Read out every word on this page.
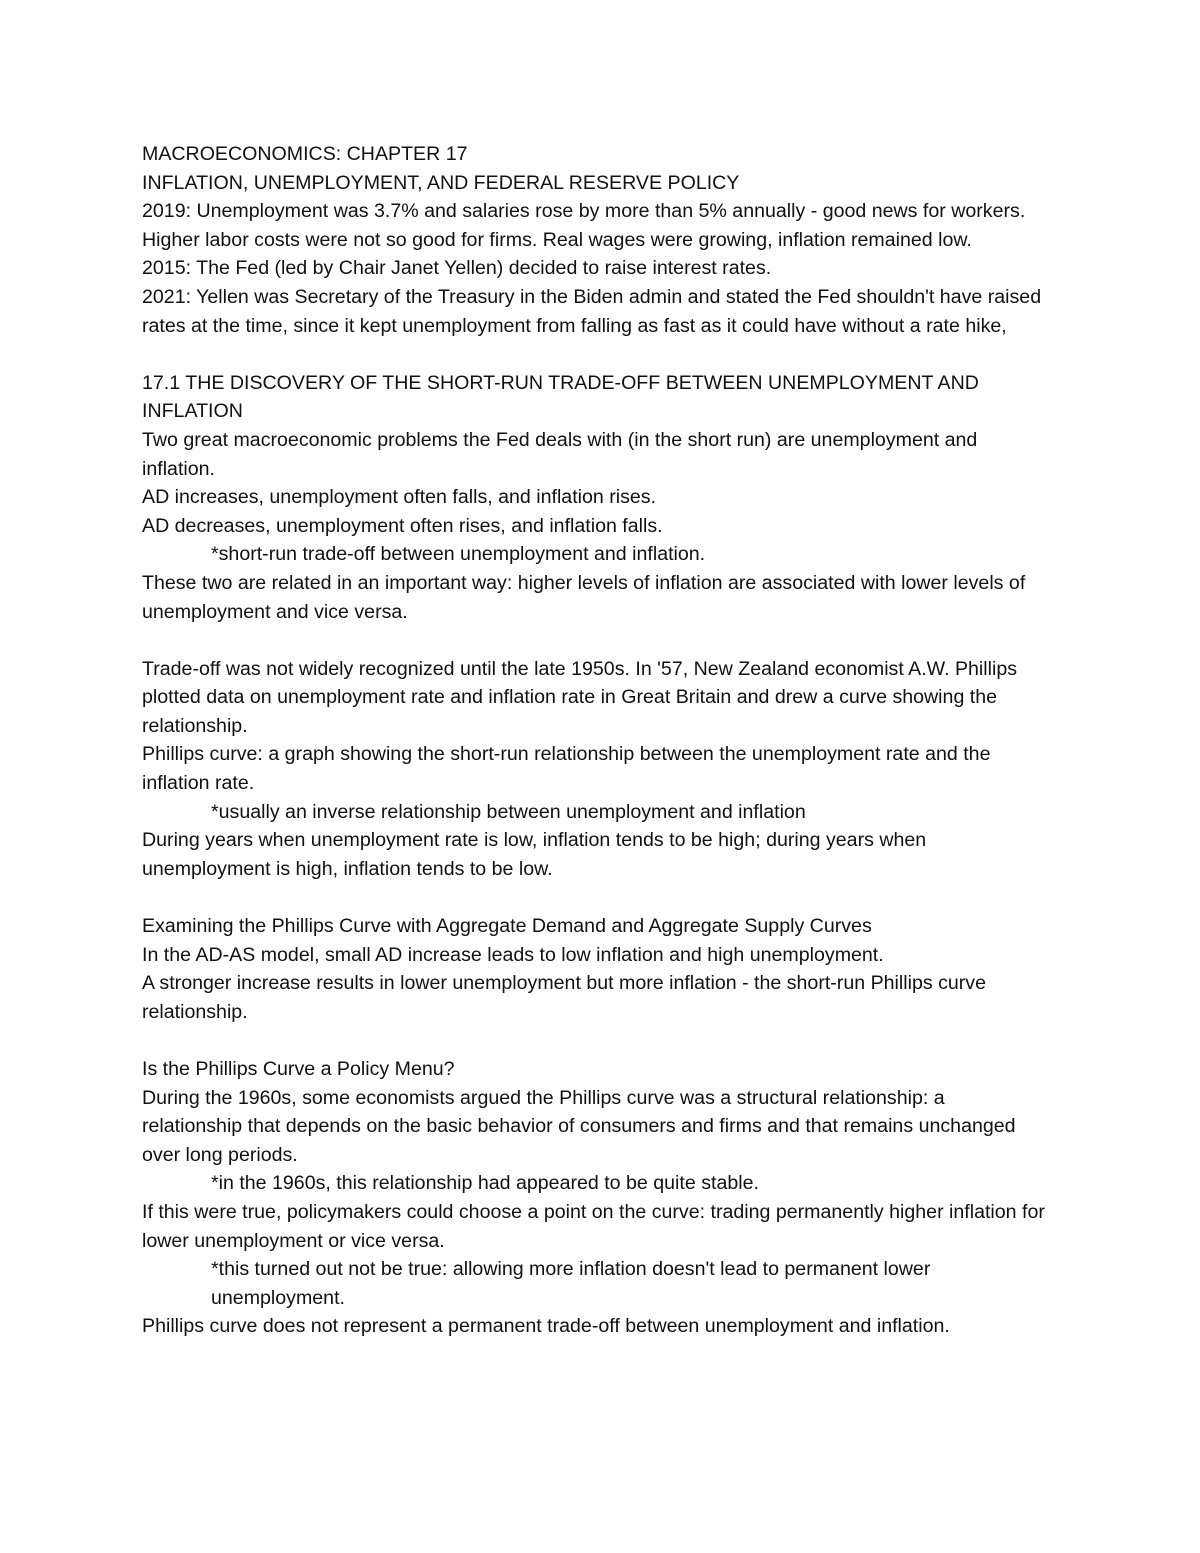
MACROECONOMICS: CHAPTER 17

INFLATION, UNEMPLOYMENT, AND FEDERAL RESERVE POLICY

2019: Unemployment was 3.7% and salaries rose by more than 5% annually - good news for workers. Higher labor costs were not so good for firms. Real wages were growing, inflation remained low.

2015: The Fed (led by Chair Janet Yellen) decided to raise interest rates.

2021: Yellen was Secretary of the Treasury in the Biden admin and stated the Fed shouldn't have raised rates at the time, since it kept unemployment from falling as fast as it could have without a rate hike,

17.1 THE DISCOVERY OF THE SHORT-RUN TRADE-OFF BETWEEN UNEMPLOYMENT AND INFLATION

Two great macroeconomic problems the Fed deals with (in the short run) are unemployment and inflation.

AD increases, unemployment often falls, and inflation rises.

AD decreases, unemployment often rises, and inflation falls.

*short-run trade-off between unemployment and inflation.

These two are related in an important way: higher levels of inflation are associated with lower levels of unemployment and vice versa.

Trade-off was not widely recognized until the late 1950s. In '57, New Zealand economist A.W. Phillips plotted data on unemployment rate and inflation rate in Great Britain and drew a curve showing the relationship.

Phillips curve: a graph showing the short-run relationship between the unemployment rate and the inflation rate.

*usually an inverse relationship between unemployment and inflation

During years when unemployment rate is low, inflation tends to be high; during years when unemployment is high, inflation tends to be low.

Examining the Phillips Curve with Aggregate Demand and Aggregate Supply Curves

In the AD-AS model, small AD increase leads to low inflation and high unemployment.

A stronger increase results in lower unemployment but more inflation - the short-run Phillips curve relationship.

Is the Phillips Curve a Policy Menu?

During the 1960s, some economists argued the Phillips curve was a structural relationship: a relationship that depends on the basic behavior of consumers and firms and that remains unchanged over long periods.

*in the 1960s, this relationship had appeared to be quite stable.

If this were true, policymakers could choose a point on the curve: trading permanently higher inflation for lower unemployment or vice versa.

*this turned out not be true: allowing more inflation doesn't lead to permanent lower unemployment.

Phillips curve does not represent a permanent trade-off between unemployment and inflation.
